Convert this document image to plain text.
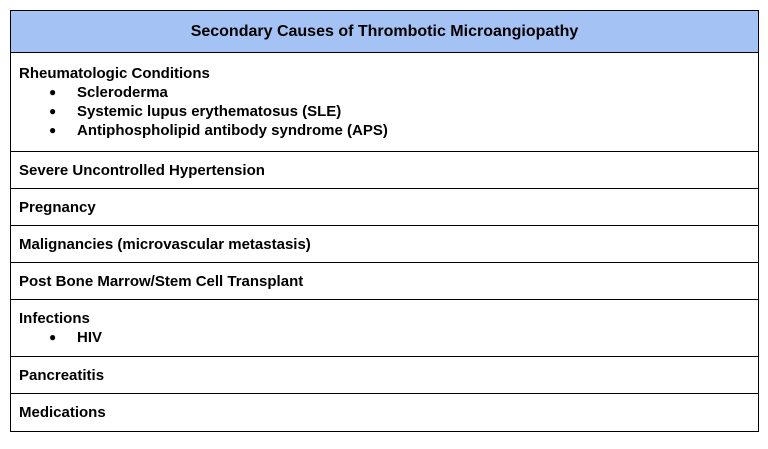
Secondary Causes of Thrombotic Microangiopathy
Rheumatologic Conditions
● Scleroderma
● Systemic lupus erythematosus (SLE)
● Antiphospholipid antibody syndrome (APS)
Severe Uncontrolled Hypertension
Pregnancy
Malignancies (microvascular metastasis)
Post Bone Marrow/Stem Cell Transplant
Infections
● HIV
Pancreatitis
Medications
